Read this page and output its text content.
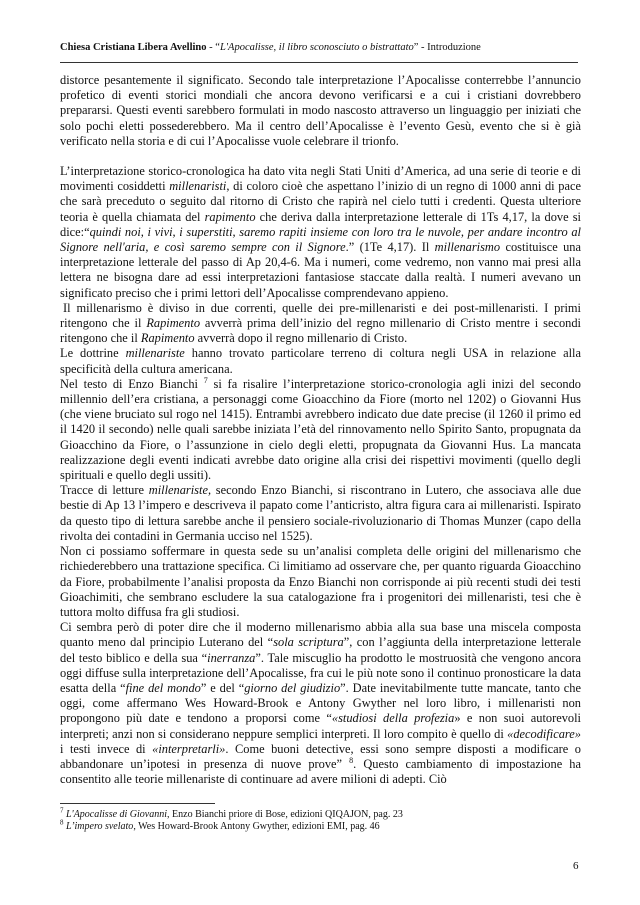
Chiesa Cristiana Libera Avellino - “L'Apocalisse, il libro sconosciuto o bistrattato” - Introduzione

distorce pesantemente il significato. Secondo tale interpretazione l’Apocalisse conterrebbe l’annuncio profetico di eventi storici mondiali che ancora devono verificarsi e a cui i cristiani dovrebbero prepararsi. Questi eventi sarebbero formulati in modo nascosto attraverso un linguaggio per iniziati che solo pochi eletti possederebbero. Ma il centro dell’Apocalisse è l’evento Gesù, evento che si è già verificato nella storia e di cui l’Apocalisse vuole celebrare il trionfo.

L’interpretazione storico-cronologica ha dato vita negli Stati Uniti d’America, ad una serie di teorie e di movimenti cosiddetti millenaristi, di coloro cioè che aspettano l’inizio di un regno di 1000 anni di pace che sarà preceduto o seguito dal ritorno di Cristo che rapirà nel cielo tutti i credenti. Questa ulteriore teoria è quella chiamata del rapimento che deriva dalla interpretazione letterale di 1Ts 4,17, la dove si dice:“quindi noi, i vivi, i superstiti, saremo rapiti insieme con loro tra le nuvole, per andare incontro al Signore nell'aria, e così saremo sempre con il Signore.” (1Te 4,17). Il millenarismo costituisce una interpretazione letterale del passo di Ap 20,4-6. Ma i numeri, come vedremo, non vanno mai presi alla lettera ne bisogna dare ad essi interpretazioni fantasiose staccate dalla realtà. I numeri avevano un significato preciso che i primi lettori dell’Apocalisse comprendevano appieno.

Il millenarismo è diviso in due correnti, quelle dei pre-millenaristi e dei post-millenaristi. I primi ritengono che il Rapimento avverrà prima dell’inizio del regno millenario di Cristo mentre i secondi ritengono che il Rapimento avverrà dopo il regno millenario di Cristo.

Le dottrine millenariste hanno trovato particolare terreno di coltura negli USA in relazione alla specificità della cultura americana.

Nel testo di Enzo Bianchi $^7$ si fa risalire l’interpretazione storico-cronologia agli inizi del secondo millennio dell’era cristiana, a personaggi come Gioacchino da Fiore (morto nel 1202) o Giovanni Hus (che viene bruciato sul rogo nel 1415). Entrambi avrebbero indicato due date precise (il 1260 il primo ed il 1420 il secondo) nelle quali sarebbe iniziata l’età del rinnovamento nello Spirito Santo, propugnata da Gioacchino da Fiore, o l’assunzione in cielo degli eletti, propugnata da Giovanni Hus. La mancata realizzazione degli eventi indicati avrebbe dato origine alla crisi dei rispettivi movimenti (quello degli spirituali e quello degli ussiti).

Tracce di letture millenariste, secondo Enzo Bianchi, si riscontrano in Lutero, che associava alle due bestie di Ap 13 l’impero e descriveva il papato come l’anticristo, altra figura cara ai millenaristi. Ispirato da questo tipo di lettura sarebbe anche il pensiero sociale-rivoluzionario di Thomas Munzer (capo della rivolta dei contadini in Germania ucciso nel 1525).

Non ci possiamo soffermare in questa sede su un’analisi completa delle origini del millenarismo che richiederebbero una trattazione specifica. Ci limitiamo ad osservare che, per quanto riguarda Gioacchino da Fiore, probabilmente l’analisi proposta da Enzo Bianchi non corrisponde ai più recenti studi dei testi Gioachimiti, che sembrano escludere la sua catalogazione fra i progenitori dei millenaristi, tesi che è tuttora molto diffusa fra gli studiosi.

Ci sembra però di poter dire che il moderno millenarismo abbia alla sua base una miscela composta quanto meno dal principio Luterano del “sola scriptura”, con l’aggiunta della interpretazione letterale del testo biblico e della sua “inerranza”. Tale miscuglio ha prodotto le mostruosità che vengono ancora oggi diffuse sulla interpretazione dell’Apocalisse, fra cui le più note sono il continuo pronosticare la data esatta della “fine del mondo” e del “giorno del giudizio”. Date inevitabilmente tutte mancate, tanto che oggi, come affermano Wes Howard-Brook e Antony Gwyther nel loro libro, i millenaristi non propongono più date e tendono a proporsi come “«studiosi della profezia» e non suoi autorevoli interpreti; anzi non si considerano neppure semplici interpreti. Il loro compito è quello di «decodificare» i testi invece di «interpretarli». Come buoni detective, essi sono sempre disposti a modificare o abbandonare un’ipotesi in presenza di nuove prove” $^8$. Questo cambiamento di impostazione ha consentito alle teorie millenariste di continuare ad avere milioni di adepti. Ciò

$^7$ L'Apocalisse di Giovanni, Enzo Bianchi priore di Bose, edizioni QIQAJON, pag. 23
$^8$ L’impero svelato, Wes Howard-Brook Antony Gwyther, edizioni EMI, pag. 46
6
